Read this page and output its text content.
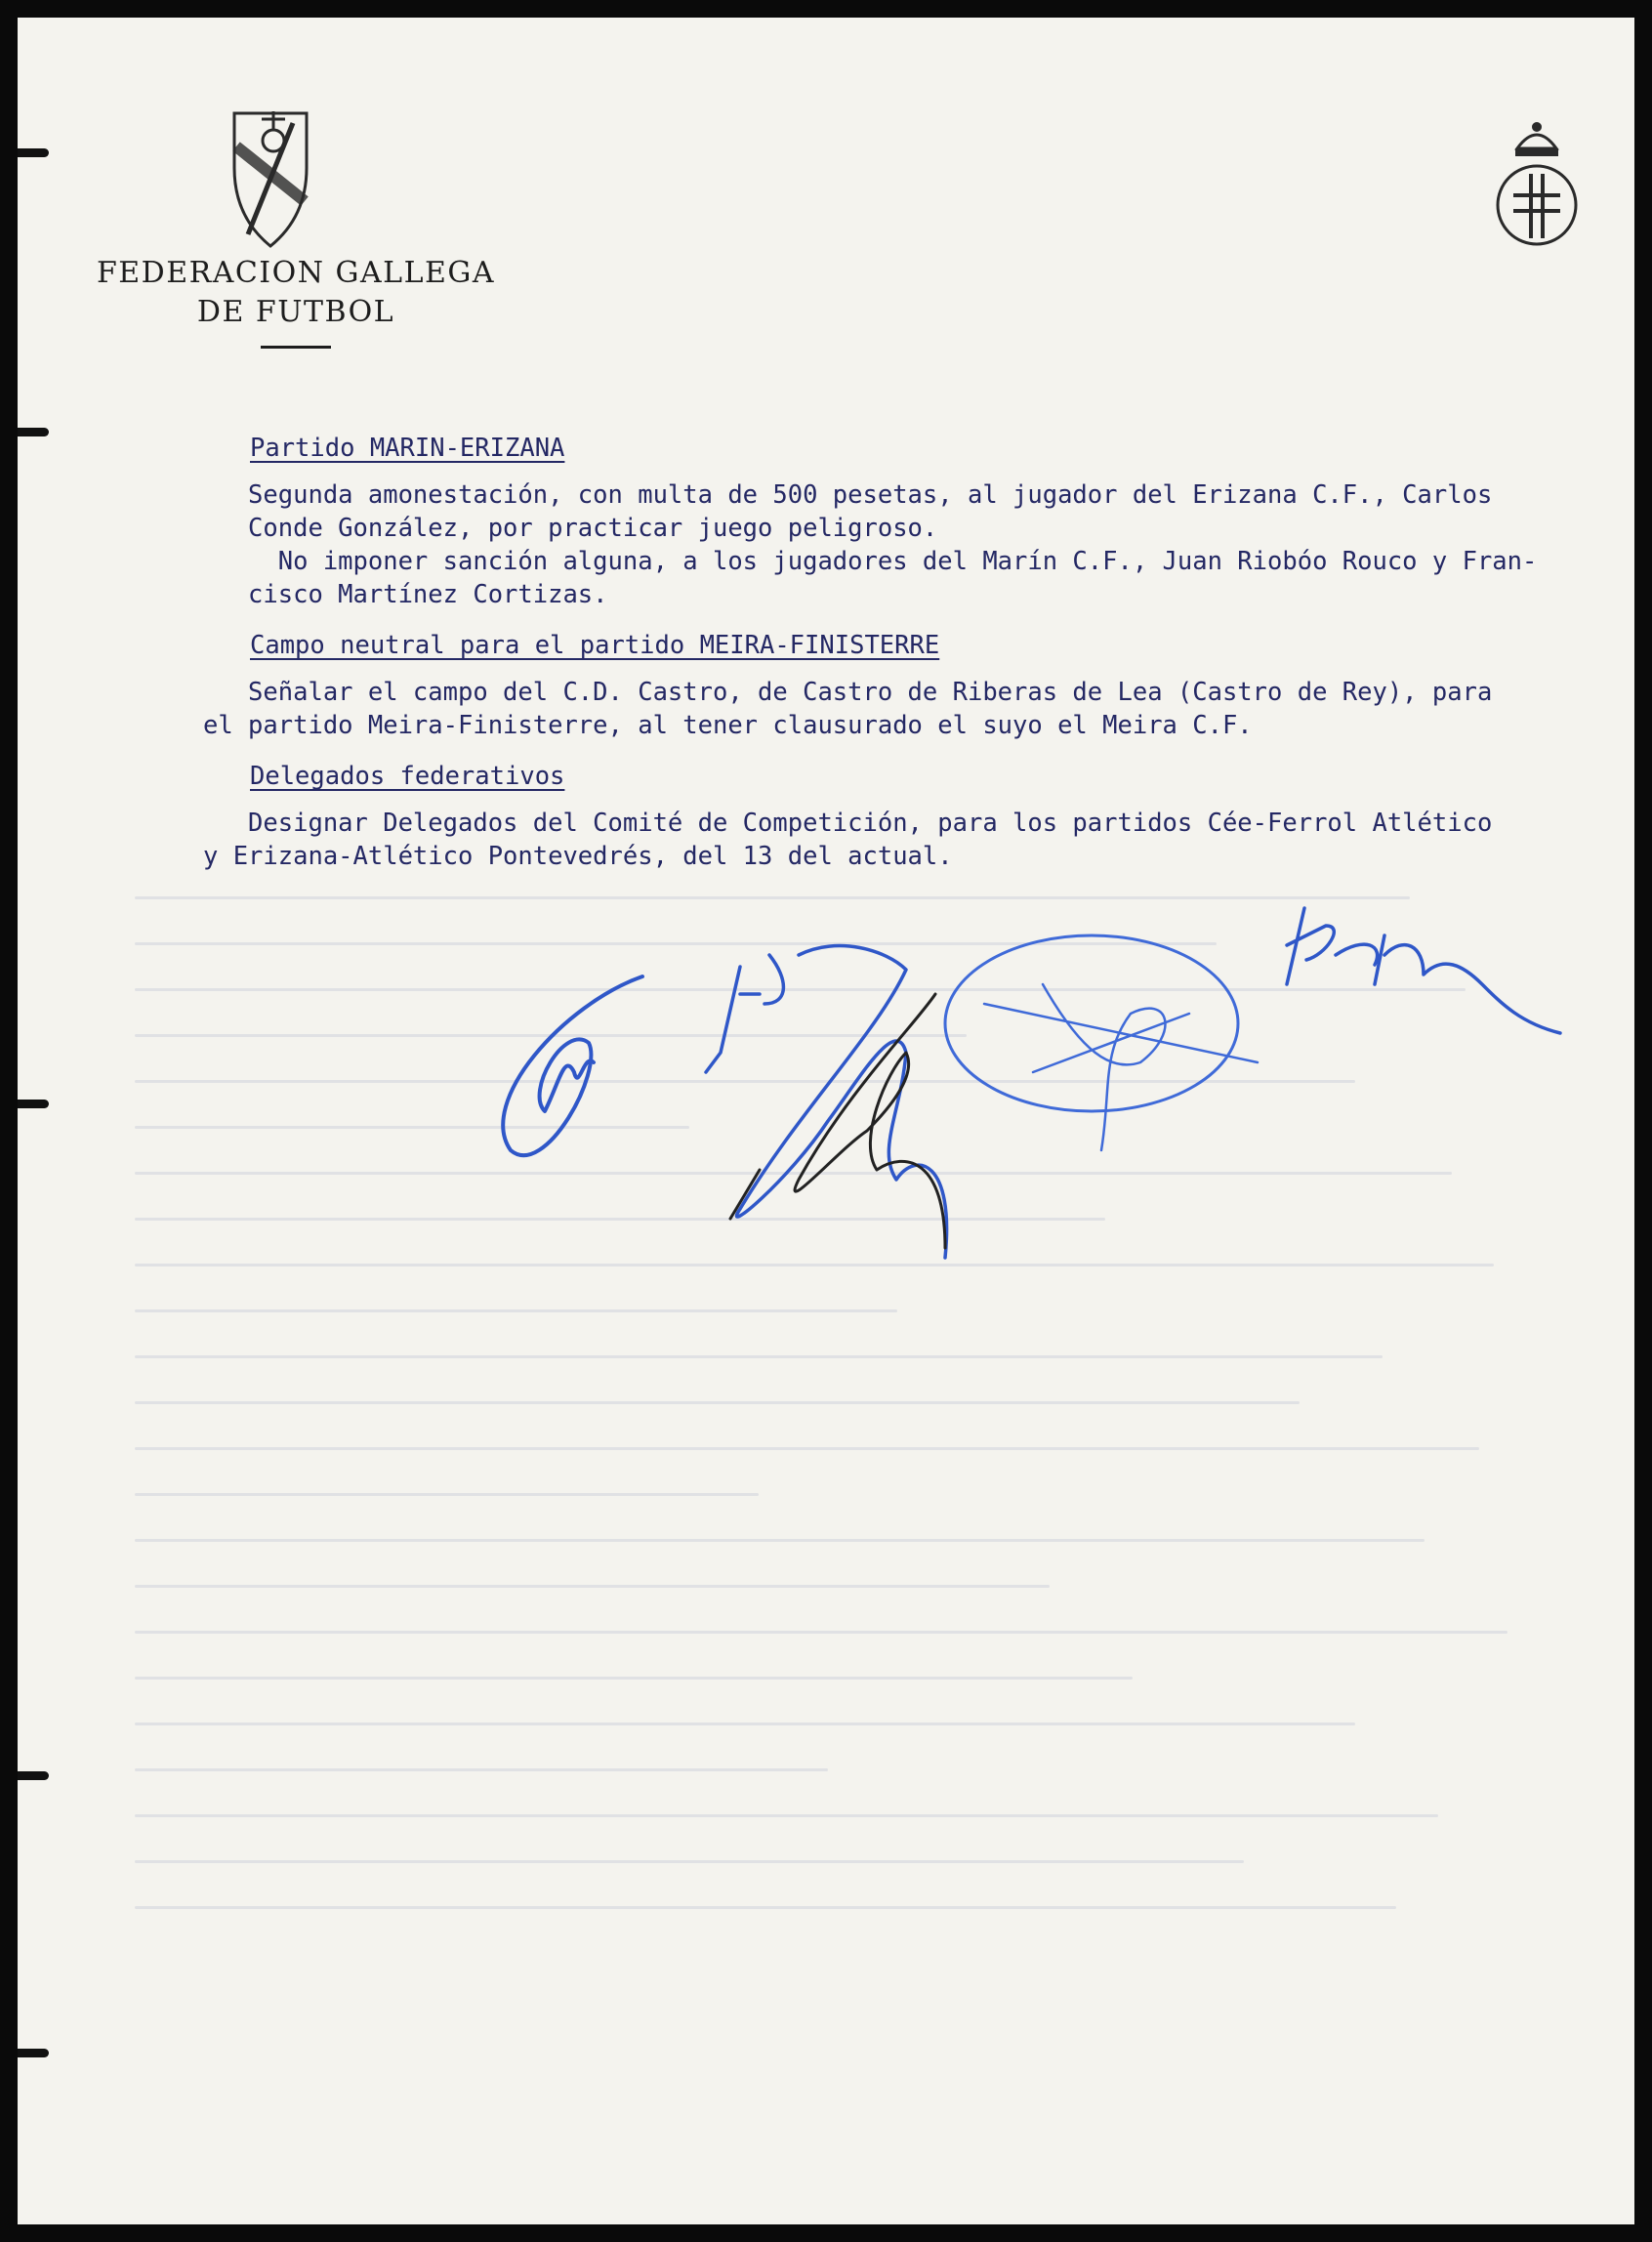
FEDERACION GALLEGA
DE FUTBOL
Partido MARIN-ERIZANA
Segunda amonestación, con multa de 500 pesetas, al jugador del Erizana C.F., Carlos
Conde González, por practicar juego peligroso.
No imponer sanción alguna, a los jugadores del Marín C.F., Juan Riobóo Rouco y Fran-
cisco Martínez Cortizas.
Campo neutral para el partido MEIRA-FINISTERRE
Señalar el campo del C.D. Castro, de Castro de Riberas de Lea (Castro de Rey), para
el partido Meira-Finisterre, al tener clausurado el suyo el Meira C.F.
Delegados federativos
Designar Delegados del Comité de Competición, para los partidos Cée-Ferrol Atlético
y Erizana-Atlético Pontevedrés, del 13 del actual.
